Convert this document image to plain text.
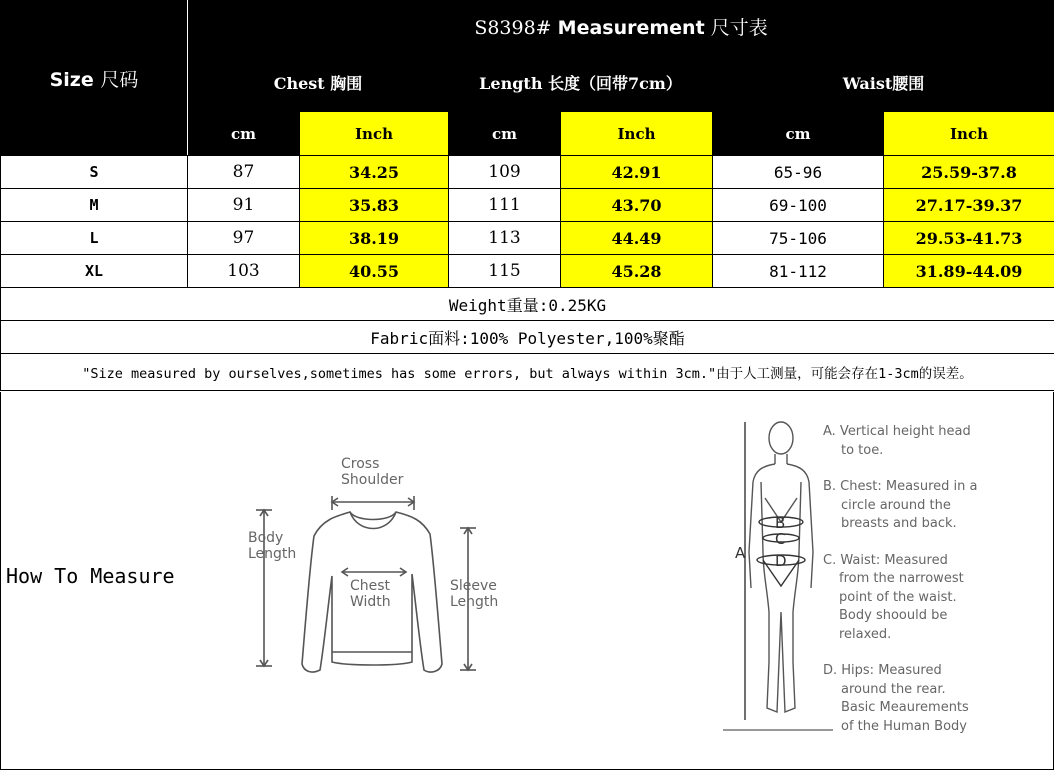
Size 尺码	S8398# Measurement 尺寸表					
	Chest 胸围		Length 长度（回带7cm）		Waist腰围	
	cm	Inch	cm	Inch	cm	Inch
S	87	34.25	109	42.91	65-96	25.59-37.8
M	91	35.83	111	43.70	69-100	27.17-39.37
L	97	38.19	113	44.49	75-106	29.53-41.73
XL	103	40.55	115	45.28	81-112	31.89-44.09
Weight重量:0.25KG						
Fabric面料:100% Polyester,100%聚酯						
"Size measured by ourselves,sometimes has some errors, but always within 3cm."由于人工测量，可能会存在1-3cm的误差。						
How To Measure
Cross
Shoulder
Body
Length
Chest
Width
Sleeve
Length
A
B
C
D
A. Vertical height head
to toe.
B. Chest: Measured in a
circle around the
breasts and back.
C. Waist: Measured
from the narrowest
point of the waist.
Body shoould be
relaxed.
D. Hips: Measured
around the rear.
Basic Meaurements
of the Human Body
